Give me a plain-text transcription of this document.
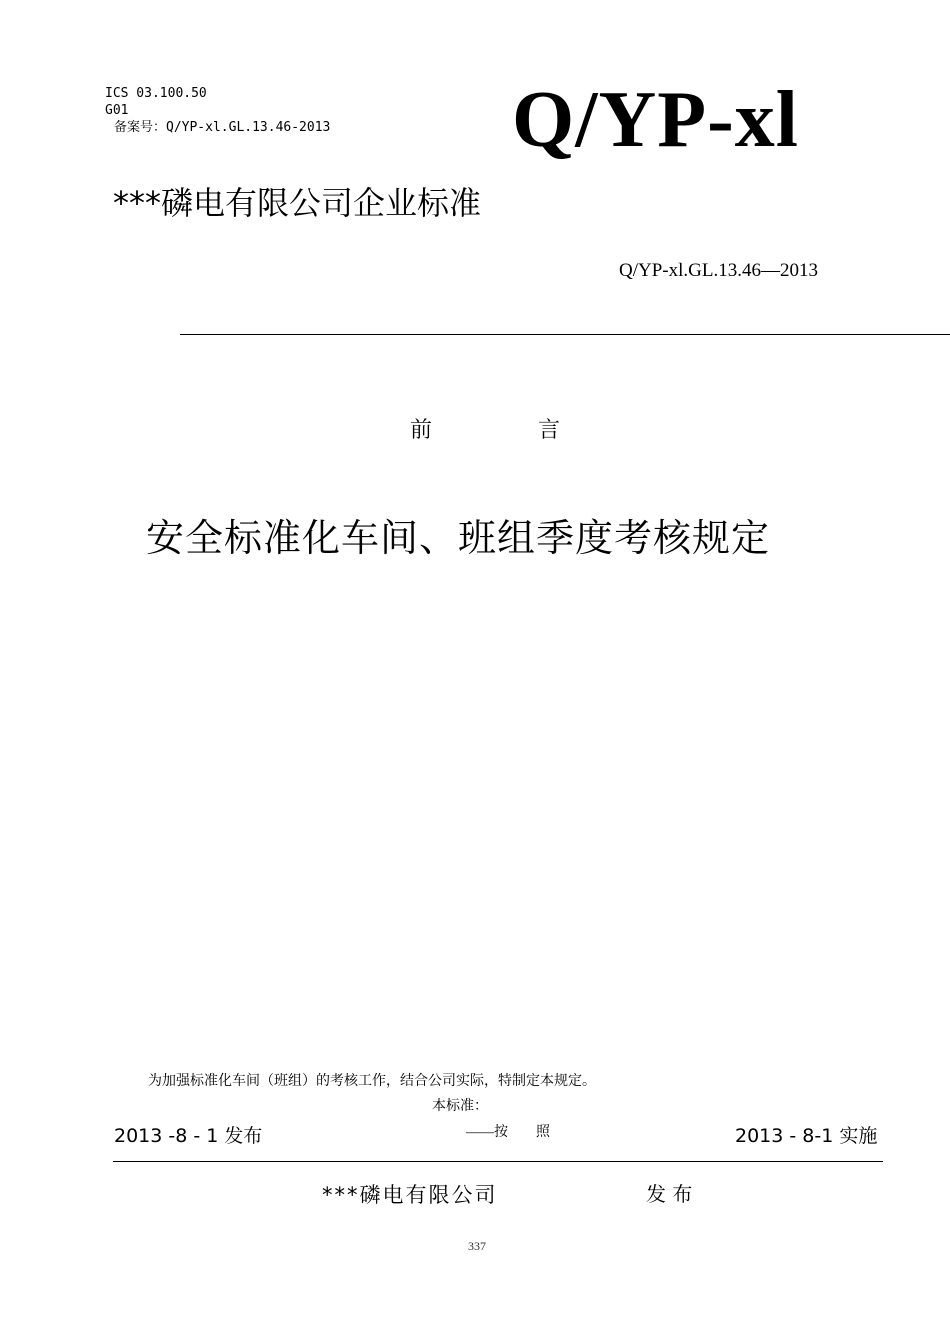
ICS 03.100.50
G01
备案号：Q/YP-xl.GL.13.46-2013 Q/YP-xl
***磷电有限公司企业标准
Q/YP-xl.GL.13.46—2013
前	言
安全标准化车间、班组季度考核规定
为加强标准化车间（班组）的考核工作，结合公司实际，特制定本规定。
本标准：
——按　　照
2013 -8 - 1 发布	2013 - 8-1 实施
***磷电有限公司	发 布
337
